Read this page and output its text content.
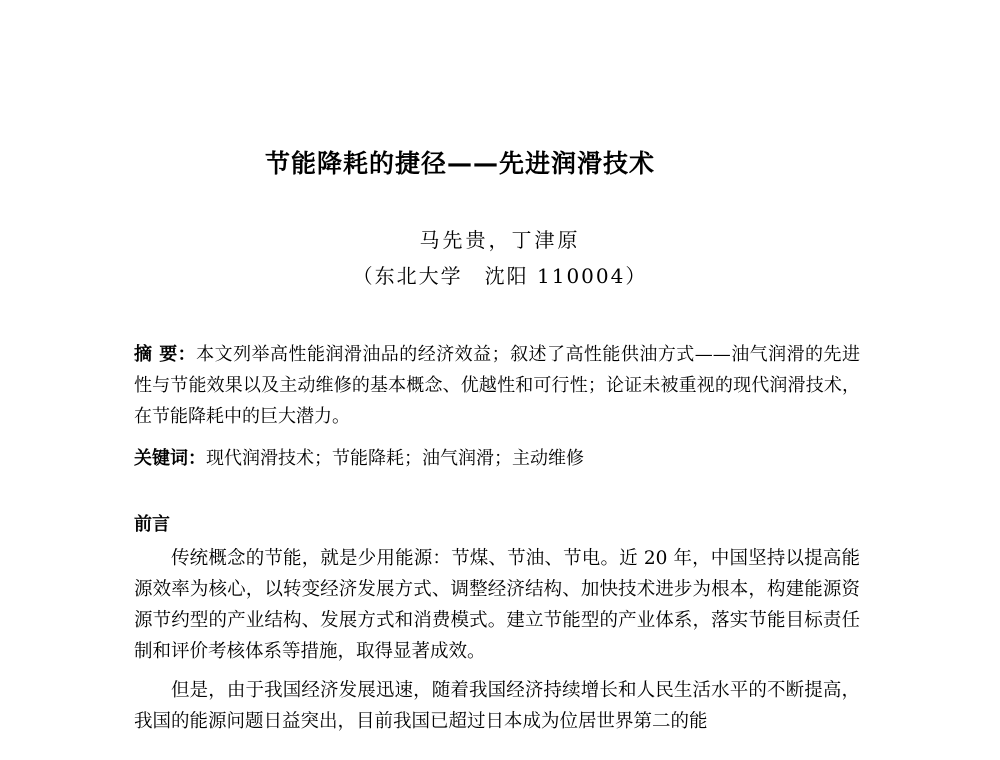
节能降耗的捷径——先进润滑技术
马先贵，丁津原
（东北大学　沈阳 110004）

摘 要：本文列举高性能润滑油品的经济效益；叙述了高性能供油方式——油气润滑的先进性与节能效果以及主动维修的基本概念、优越性和可行性；论证未被重视的现代润滑技术，在节能降耗中的巨大潜力。

关键词：现代润滑技术；节能降耗；油气润滑；主动维修

前言

传统概念的节能，就是少用能源：节煤、节油、节电。近 20 年，中国坚持以提高能源效率为核心，以转变经济发展方式、调整经济结构、加快技术进步为根本，构建能源资源节约型的产业结构、发展方式和消费模式。建立节能型的产业体系，落实节能目标责任制和评价考核体系等措施，取得显著成效。

但是，由于我国经济发展迅速，随着我国经济持续增长和人民生活水平的不断提高，我国的能源问题日益突出，目前我国已超过日本成为位居世界第二的能
